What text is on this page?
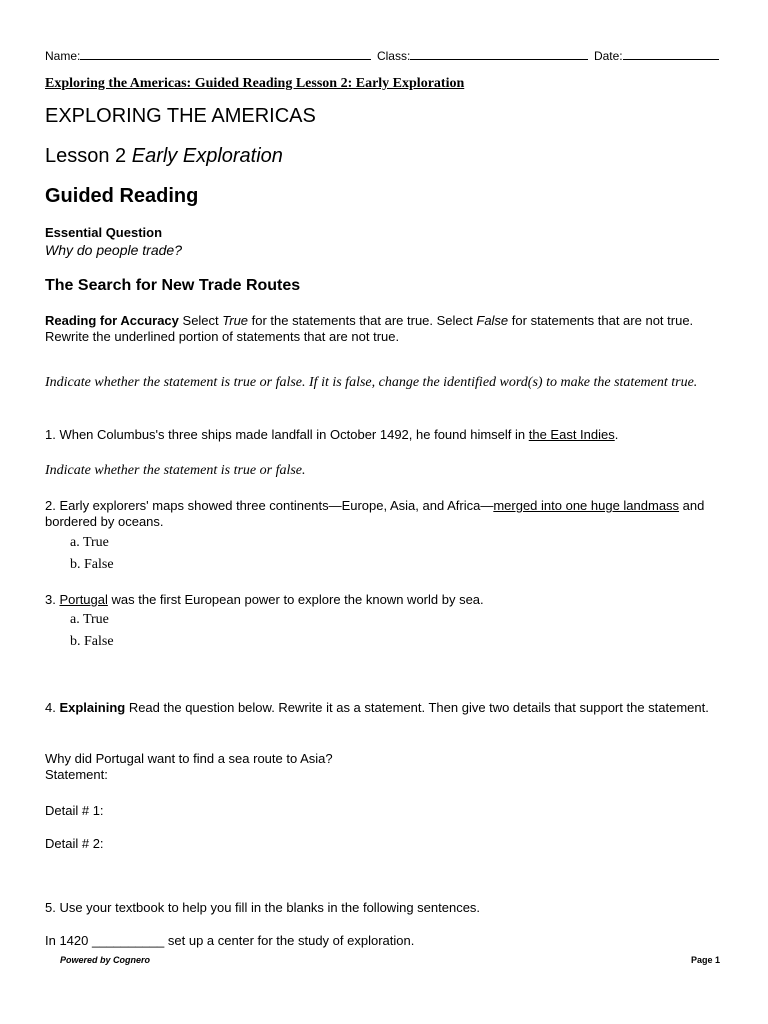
Name:	Class:	Date:
Exploring the Americas: Guided Reading Lesson 2: Early Exploration
EXPLORING THE AMERICAS
Lesson 2 Early Exploration
Guided Reading
Essential Question
Why do people trade?
The Search for New Trade Routes
Reading for Accuracy Select True for the statements that are true. Select False for statements that are not true. Rewrite the underlined portion of statements that are not true.
Indicate whether the statement is true or false. If it is false, change the identified word(s) to make the statement true.
1. When Columbus's three ships made landfall in October 1492, he found himself in the East Indies.
Indicate whether the statement is true or false.
2. Early explorers' maps showed three continents—Europe, Asia, and Africa—merged into one huge landmass and bordered by oceans.
a. True
b. False
3. Portugal was the first European power to explore the known world by sea.
a. True
b. False
4. Explaining Read the question below. Rewrite it as a statement. Then give two details that support the statement.
Why did Portugal want to find a sea route to Asia?
Statement:
Detail # 1:
Detail # 2:
5. Use your textbook to help you fill in the blanks in the following sentences.
In 1420 __________ set up a center for the study of exploration.
Powered by Cognero	Page 1
